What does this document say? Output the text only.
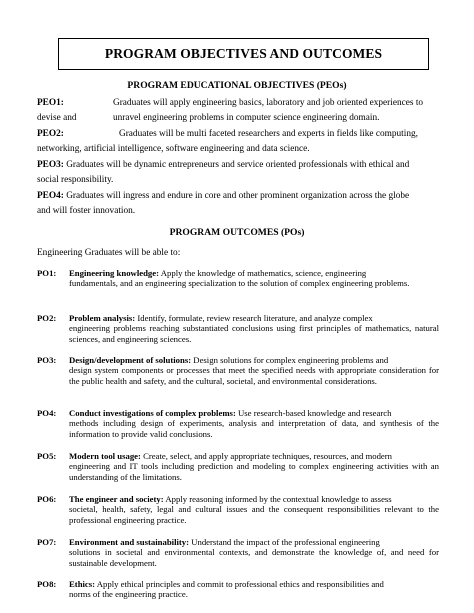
PROGRAM OBJECTIVES AND OUTCOMES
PROGRAM EDUCATIONAL OBJECTIVES (PEOs)
PEO1:	Graduates will apply engineering basics, laboratory and job oriented experiences to
devise and	unravel engineering problems in computer science engineering domain.
PEO2:	Graduates will be multi faceted researchers and experts in fields like computing,
networking, artificial intelligence, software engineering and data science.
PEO3: Graduates will be dynamic entrepreneurs and service oriented professionals with ethical and
social responsibility.
PEO4: Graduates will ingress and endure in core and other prominent organization across the globe
and will foster innovation.
PROGRAM OUTCOMES (POs)
Engineering Graduates will be able to:
PO1:	Engineering knowledge: Apply the knowledge of mathematics, science, engineering
fundamentals, and an engineering specialization to the solution of complex engineering problems.
PO2:	Problem analysis: Identify, formulate, review research literature, and analyze complex
engineering problems reaching substantiated conclusions using first principles of mathematics, natural sciences, and engineering sciences.
PO3:	Design/development of solutions: Design solutions for complex engineering problems and
design system components or processes that meet the specified needs with appropriate consideration for the public health and safety, and the cultural, societal, and environmental considerations.
PO4:	Conduct investigations of complex problems: Use research-based knowledge and research
methods including design of experiments, analysis and interpretation of data, and synthesis of the information to provide valid conclusions.
PO5:	Modern tool usage: Create, select, and apply appropriate techniques, resources, and modern
engineering and IT tools including prediction and modeling to complex engineering activities with an understanding of the limitations.
PO6:	The engineer and society: Apply reasoning informed by the contextual knowledge to assess
societal, health, safety, legal and cultural issues and the consequent responsibilities relevant to the professional engineering practice.
PO7:	Environment and sustainability: Understand the impact of the professional engineering
solutions in societal and environmental contexts, and demonstrate the knowledge of, and need for sustainable development.
PO8:	Ethics: Apply ethical principles and commit to professional ethics and responsibilities and
norms of the engineering practice.
